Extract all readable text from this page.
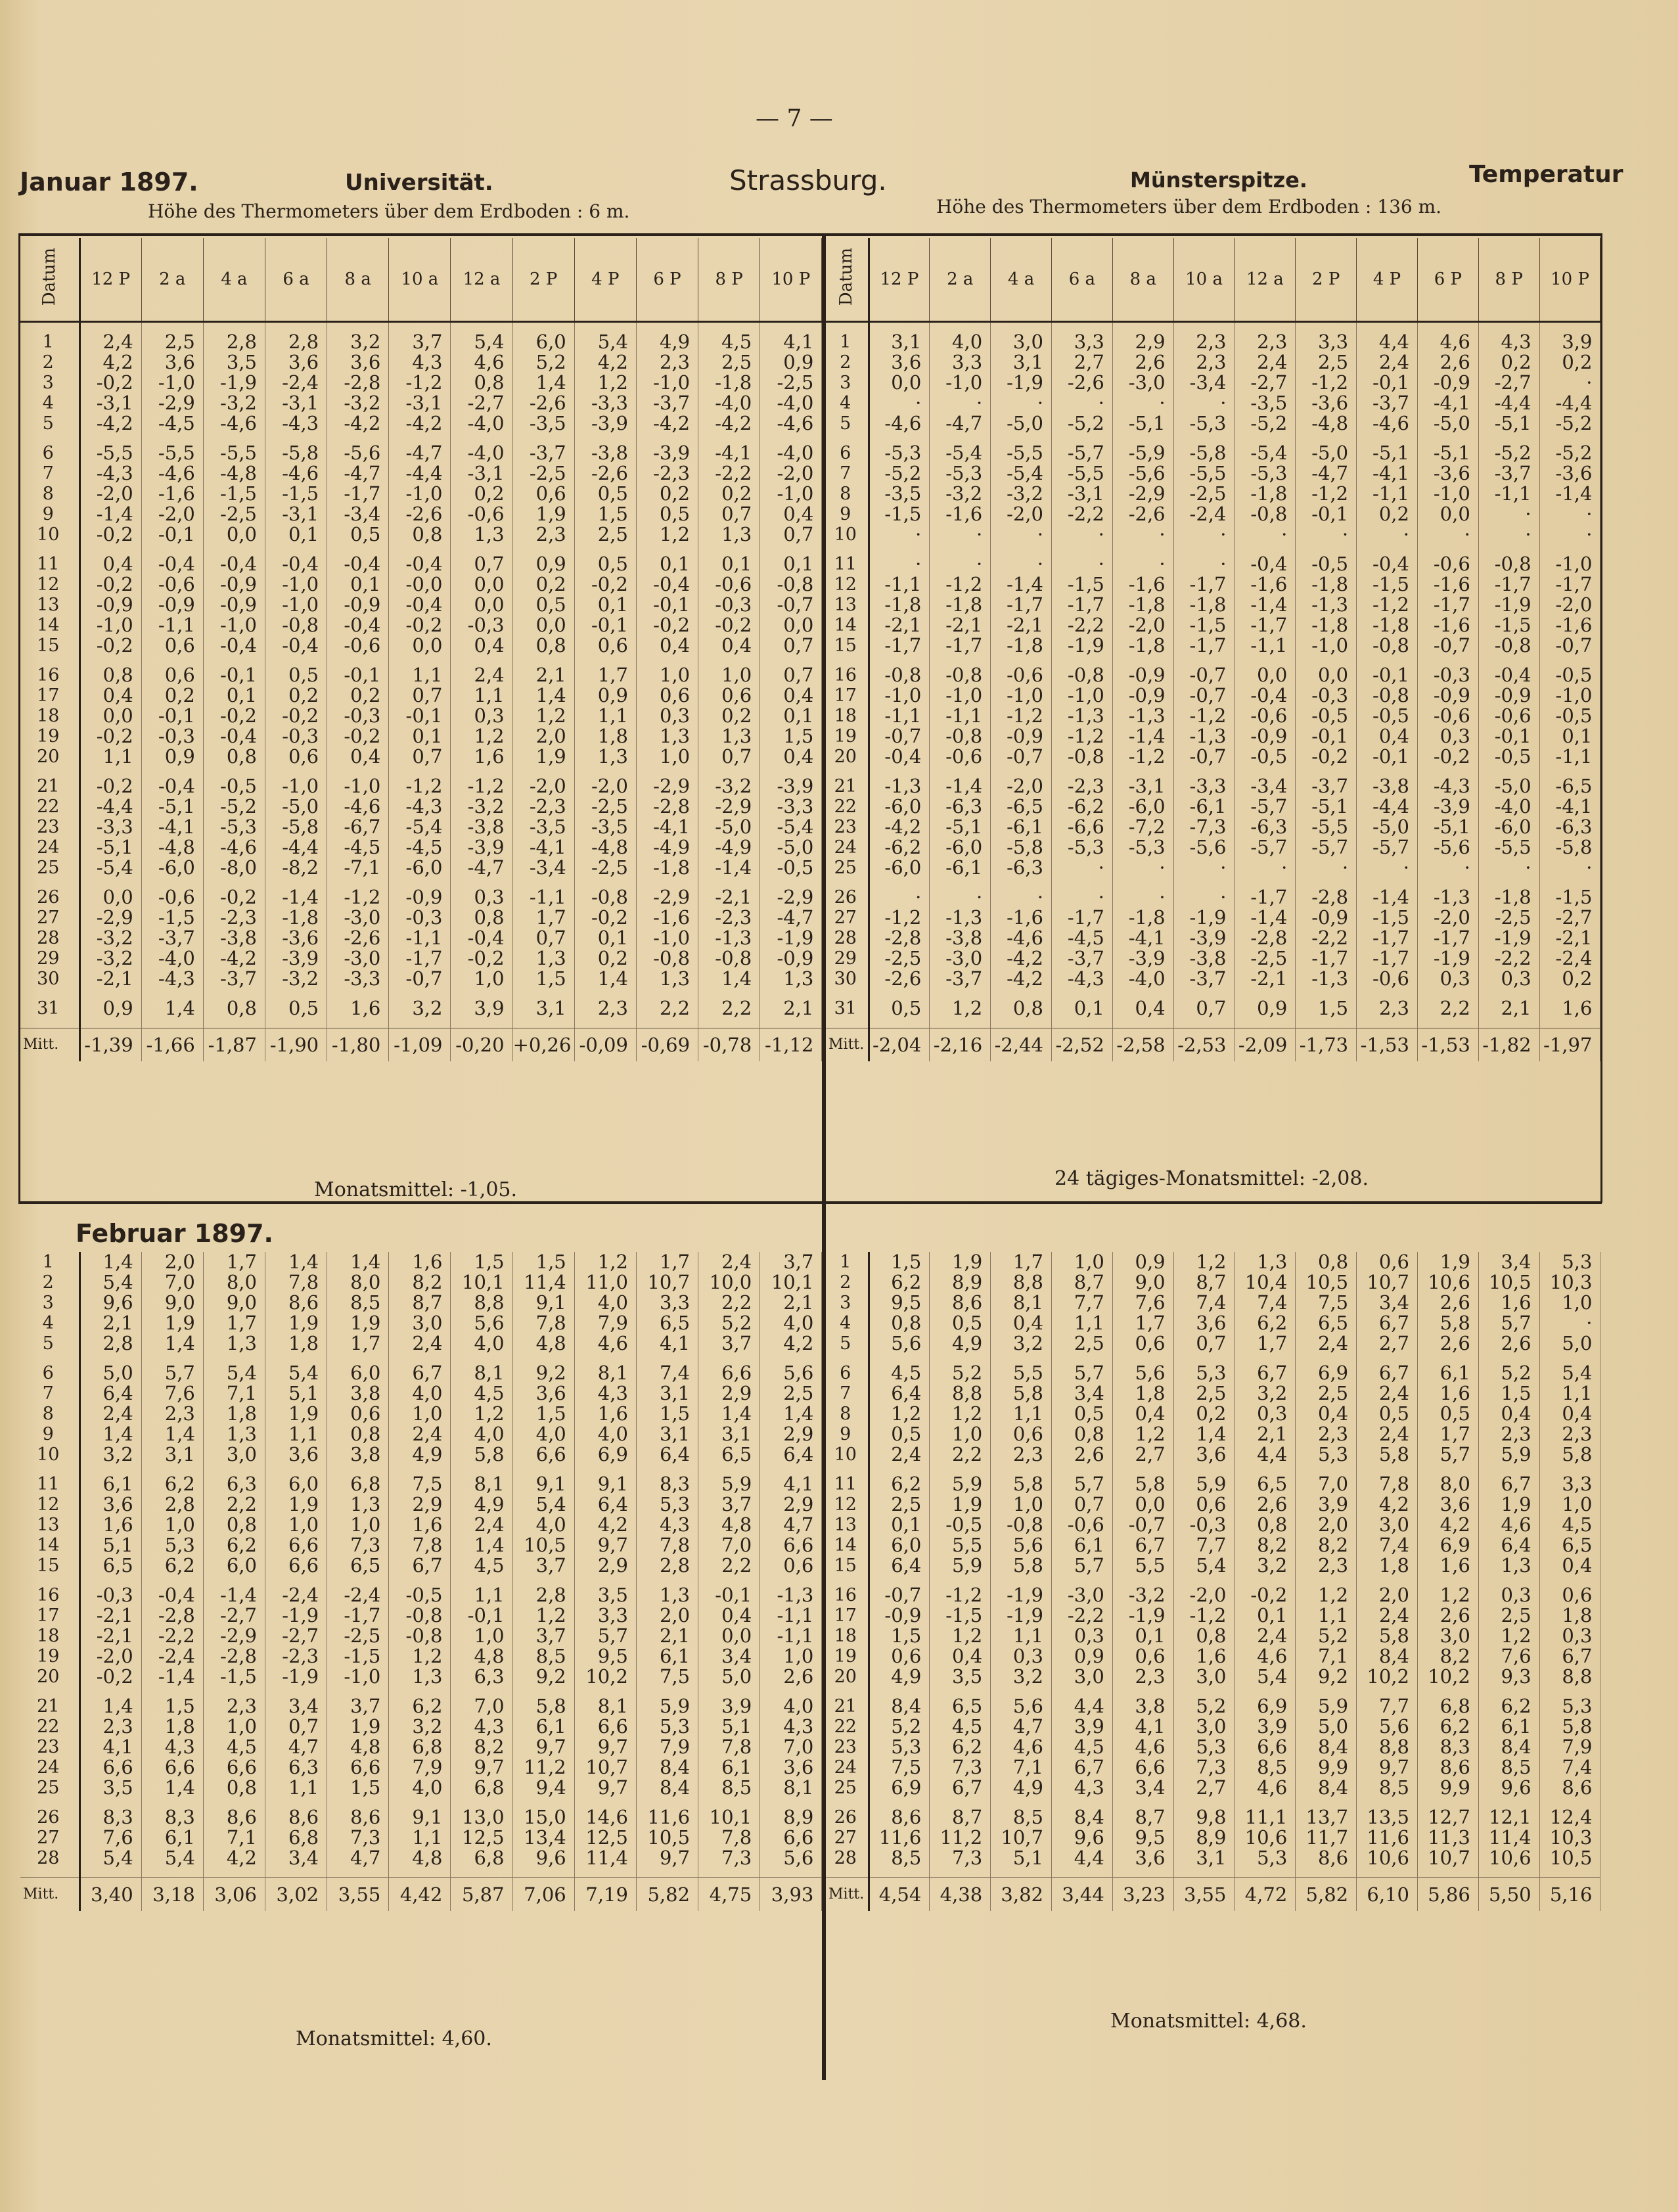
— 7 —
Januar 1897.	Universität.	Strassburg.	Münsterspitze.	Temperatur
Höhe des Thermometers über dem Erdboden : 6 m.	Höhe des Thermometers über dem Erdboden : 136 m.
Datum	12 P	2 a	4 a	6 a	8 a	10 a	12 a	2 P	4 P	6 P	8 P	10 P

1	2,4	2,5	2,8	2,8	3,2	3,7	5,4	6,0	5,4	4,9	4,5	4,1
2	4,2	3,6	3,5	3,6	3,6	4,3	4,6	5,2	4,2	2,3	2,5	0,9
3	-0,2	-1,0	-1,9	-2,4	-2,8	-1,2	0,8	1,4	1,2	-1,0	-1,8	-2,5
4	-3,1	-2,9	-3,2	-3,1	-3,2	-3,1	-2,7	-2,6	-3,3	-3,7	-4,0	-4,0
5	-4,2	-4,5	-4,6	-4,3	-4,2	-4,2	-4,0	-3,5	-3,9	-4,2	-4,2	-4,6

6	-5,5	-5,5	-5,5	-5,8	-5,6	-4,7	-4,0	-3,7	-3,8	-3,9	-4,1	-4,0
7	-4,3	-4,6	-4,8	-4,6	-4,7	-4,4	-3,1	-2,5	-2,6	-2,3	-2,2	-2,0
8	-2,0	-1,6	-1,5	-1,5	-1,7	-1,0	0,2	0,6	0,5	0,2	0,2	-1,0
9	-1,4	-2,0	-2,5	-3,1	-3,4	-2,6	-0,6	1,9	1,5	0,5	0,7	0,4
10	-0,2	-0,1	0,0	0,1	0,5	0,8	1,3	2,3	2,5	1,2	1,3	0,7

11	0,4	-0,4	-0,4	-0,4	-0,4	-0,4	0,7	0,9	0,5	0,1	0,1	0,1
12	-0,2	-0,6	-0,9	-1,0	0,1	-0,0	0,0	0,2	-0,2	-0,4	-0,6	-0,8
13	-0,9	-0,9	-0,9	-1,0	-0,9	-0,4	0,0	0,5	0,1	-0,1	-0,3	-0,7
14	-1,0	-1,1	-1,0	-0,8	-0,4	-0,2	-0,3	0,0	-0,1	-0,2	-0,2	0,0
15	-0,2	0,6	-0,4	-0,4	-0,6	0,0	0,4	0,8	0,6	0,4	0,4	0,7

16	0,8	0,6	-0,1	0,5	-0,1	1,1	2,4	2,1	1,7	1,0	1,0	0,7
17	0,4	0,2	0,1	0,2	0,2	0,7	1,1	1,4	0,9	0,6	0,6	0,4
18	0,0	-0,1	-0,2	-0,2	-0,3	-0,1	0,3	1,2	1,1	0,3	0,2	0,1
19	-0,2	-0,3	-0,4	-0,3	-0,2	0,1	1,2	2,0	1,8	1,3	1,3	1,5
20	1,1	0,9	0,8	0,6	0,4	0,7	1,6	1,9	1,3	1,0	0,7	0,4

21	-0,2	-0,4	-0,5	-1,0	-1,0	-1,2	-1,2	-2,0	-2,0	-2,9	-3,2	-3,9
22	-4,4	-5,1	-5,2	-5,0	-4,6	-4,3	-3,2	-2,3	-2,5	-2,8	-2,9	-3,3
23	-3,3	-4,1	-5,3	-5,8	-6,7	-5,4	-3,8	-3,5	-3,5	-4,1	-5,0	-5,4
24	-5,1	-4,8	-4,6	-4,4	-4,5	-4,5	-3,9	-4,1	-4,8	-4,9	-4,9	-5,0
25	-5,4	-6,0	-8,0	-8,2	-7,1	-6,0	-4,7	-3,4	-2,5	-1,8	-1,4	-0,5

26	0,0	-0,6	-0,2	-1,4	-1,2	-0,9	0,3	-1,1	-0,8	-2,9	-2,1	-2,9
27	-2,9	-1,5	-2,3	-1,8	-3,0	-0,3	0,8	1,7	-0,2	-1,6	-2,3	-4,7
28	-3,2	-3,7	-3,8	-3,6	-2,6	-1,1	-0,4	0,7	0,1	-1,0	-1,3	-1,9
29	-3,2	-4,0	-4,2	-3,9	-3,0	-1,7	-0,2	1,3	0,2	-0,8	-0,8	-0,9
30	-2,1	-4,3	-3,7	-3,2	-3,3	-0,7	1,0	1,5	1,4	1,3	1,4	1,3

31	0,9	1,4	0,8	0,5	1,6	3,2	3,9	3,1	2,3	2,2	2,2	2,1

Mitt.	-1,39	-1,66	-1,87	-1,90	-1,80	-1,09	-0,20	+0,26	-0,09	-0,69	-0,78	-1,12
Datum	12 P	2 a	4 a	6 a	8 a	10 a	12 a	2 P	4 P	6 P	8 P	10 P

1	3,1	4,0	3,0	3,3	2,9	2,3	2,3	3,3	4,4	4,6	4,3	3,9
2	3,6	3,3	3,1	2,7	2,6	2,3	2,4	2,5	2,4	2,6	0,2	0,2
3	0,0	-1,0	-1,9	-2,6	-3,0	-3,4	-2,7	-1,2	-0,1	-0,9	-2,7	·
4	·	·	·	·	·	·	-3,5	-3,6	-3,7	-4,1	-4,4	-4,4
5	-4,6	-4,7	-5,0	-5,2	-5,1	-5,3	-5,2	-4,8	-4,6	-5,0	-5,1	-5,2

6	-5,3	-5,4	-5,5	-5,7	-5,9	-5,8	-5,4	-5,0	-5,1	-5,1	-5,2	-5,2
7	-5,2	-5,3	-5,4	-5,5	-5,6	-5,5	-5,3	-4,7	-4,1	-3,6	-3,7	-3,6
8	-3,5	-3,2	-3,2	-3,1	-2,9	-2,5	-1,8	-1,2	-1,1	-1,0	-1,1	-1,4
9	-1,5	-1,6	-2,0	-2,2	-2,6	-2,4	-0,8	-0,1	0,2	0,0	·	·
10	·	·	·	·	·	·	·	·	·	·	·	·

11	·	·	·	·	·	·	-0,4	-0,5	-0,4	-0,6	-0,8	-1,0
12	-1,1	-1,2	-1,4	-1,5	-1,6	-1,7	-1,6	-1,8	-1,5	-1,6	-1,7	-1,7
13	-1,8	-1,8	-1,7	-1,7	-1,8	-1,8	-1,4	-1,3	-1,2	-1,7	-1,9	-2,0
14	-2,1	-2,1	-2,1	-2,2	-2,0	-1,5	-1,7	-1,8	-1,8	-1,6	-1,5	-1,6
15	-1,7	-1,7	-1,8	-1,9	-1,8	-1,7	-1,1	-1,0	-0,8	-0,7	-0,8	-0,7

16	-0,8	-0,8	-0,6	-0,8	-0,9	-0,7	0,0	0,0	-0,1	-0,3	-0,4	-0,5
17	-1,0	-1,0	-1,0	-1,0	-0,9	-0,7	-0,4	-0,3	-0,8	-0,9	-0,9	-1,0
18	-1,1	-1,1	-1,2	-1,3	-1,3	-1,2	-0,6	-0,5	-0,5	-0,6	-0,6	-0,5
19	-0,7	-0,8	-0,9	-1,2	-1,4	-1,3	-0,9	-0,1	0,4	0,3	-0,1	0,1
20	-0,4	-0,6	-0,7	-0,8	-1,2	-0,7	-0,5	-0,2	-0,1	-0,2	-0,5	-1,1

21	-1,3	-1,4	-2,0	-2,3	-3,1	-3,3	-3,4	-3,7	-3,8	-4,3	-5,0	-6,5
22	-6,0	-6,3	-6,5	-6,2	-6,0	-6,1	-5,7	-5,1	-4,4	-3,9	-4,0	-4,1
23	-4,2	-5,1	-6,1	-6,6	-7,2	-7,3	-6,3	-5,5	-5,0	-5,1	-6,0	-6,3
24	-6,2	-6,0	-5,8	-5,3	-5,3	-5,6	-5,7	-5,7	-5,7	-5,6	-5,5	-5,8
25	-6,0	-6,1	-6,3	·	·	·	·	·	·	·	·	·

26	·	·	·	·	·	·	-1,7	-2,8	-1,4	-1,3	-1,8	-1,5
27	-1,2	-1,3	-1,6	-1,7	-1,8	-1,9	-1,4	-0,9	-1,5	-2,0	-2,5	-2,7
28	-2,8	-3,8	-4,6	-4,5	-4,1	-3,9	-2,8	-2,2	-1,7	-1,7	-1,9	-2,1
29	-2,5	-3,0	-4,2	-3,7	-3,9	-3,8	-2,5	-1,7	-1,7	-1,9	-2,2	-2,4
30	-2,6	-3,7	-4,2	-4,3	-4,0	-3,7	-2,1	-1,3	-0,6	0,3	0,3	0,2

31	0,5	1,2	0,8	0,1	0,4	0,7	0,9	1,5	2,3	2,2	2,1	1,6

Mitt.	-2,04	-2,16	-2,44	-2,52	-2,58	-2,53	-2,09	-1,73	-1,53	-1,53	-1,82	-1,97
Monatsmittel: -1,05.	24 tägiges-Monatsmittel: -2,08.
Februar 1897.
1	1,4	2,0	1,7	1,4	1,4	1,6	1,5	1,5	1,2	1,7	2,4	3,7
2	5,4	7,0	8,0	7,8	8,0	8,2	10,1	11,4	11,0	10,7	10,0	10,1
3	9,6	9,0	9,0	8,6	8,5	8,7	8,8	9,1	4,0	3,3	2,2	2,1
4	2,1	1,9	1,7	1,9	1,9	3,0	5,6	7,8	7,9	6,5	5,2	4,0
5	2,8	1,4	1,3	1,8	1,7	2,4	4,0	4,8	4,6	4,1	3,7	4,2

6	5,0	5,7	5,4	5,4	6,0	6,7	8,1	9,2	8,1	7,4	6,6	5,6
7	6,4	7,6	7,1	5,1	3,8	4,0	4,5	3,6	4,3	3,1	2,9	2,5
8	2,4	2,3	1,8	1,9	0,6	1,0	1,2	1,5	1,6	1,5	1,4	1,4
9	1,4	1,4	1,3	1,1	0,8	2,4	4,0	4,0	4,0	3,1	3,1	2,9
10	3,2	3,1	3,0	3,6	3,8	4,9	5,8	6,6	6,9	6,4	6,5	6,4

11	6,1	6,2	6,3	6,0	6,8	7,5	8,1	9,1	9,1	8,3	5,9	4,1
12	3,6	2,8	2,2	1,9	1,3	2,9	4,9	5,4	6,4	5,3	3,7	2,9
13	1,6	1,0	0,8	1,0	1,0	1,6	2,4	4,0	4,2	4,3	4,8	4,7
14	5,1	5,3	6,2	6,6	7,3	7,8	1,4	10,5	9,7	7,8	7,0	6,6
15	6,5	6,2	6,0	6,6	6,5	6,7	4,5	3,7	2,9	2,8	2,2	0,6

16	-0,3	-0,4	-1,4	-2,4	-2,4	-0,5	1,1	2,8	3,5	1,3	-0,1	-1,3
17	-2,1	-2,8	-2,7	-1,9	-1,7	-0,8	-0,1	1,2	3,3	2,0	0,4	-1,1
18	-2,1	-2,2	-2,9	-2,7	-2,5	-0,8	1,0	3,7	5,7	2,1	0,0	-1,1
19	-2,0	-2,4	-2,8	-2,3	-1,5	1,2	4,8	8,5	9,5	6,1	3,4	1,0
20	-0,2	-1,4	-1,5	-1,9	-1,0	1,3	6,3	9,2	10,2	7,5	5,0	2,6

21	1,4	1,5	2,3	3,4	3,7	6,2	7,0	5,8	8,1	5,9	3,9	4,0
22	2,3	1,8	1,0	0,7	1,9	3,2	4,3	6,1	6,6	5,3	5,1	4,3
23	4,1	4,3	4,5	4,7	4,8	6,8	8,2	9,7	9,7	7,9	7,8	7,0
24	6,6	6,6	6,6	6,3	6,6	7,9	9,7	11,2	10,7	8,4	6,1	3,6
25	3,5	1,4	0,8	1,1	1,5	4,0	6,8	9,4	9,7	8,4	8,5	8,1

26	8,3	8,3	8,6	8,6	8,6	9,1	13,0	15,0	14,6	11,6	10,1	8,9
27	7,6	6,1	7,1	6,8	7,3	1,1	12,5	13,4	12,5	10,5	7,8	6,6
28	5,4	5,4	4,2	3,4	4,7	4,8	6,8	9,6	11,4	9,7	7,3	5,6

Mitt.	3,40	3,18	3,06	3,02	3,55	4,42	5,87	7,06	7,19	5,82	4,75	3,93
1	1,5	1,9	1,7	1,0	0,9	1,2	1,3	0,8	0,6	1,9	3,4	5,3
2	6,2	8,9	8,8	8,7	9,0	8,7	10,4	10,5	10,7	10,6	10,5	10,3
3	9,5	8,6	8,1	7,7	7,6	7,4	7,4	7,5	3,4	2,6	1,6	1,0
4	0,8	0,5	0,4	1,1	1,7	3,6	6,2	6,5	6,7	5,8	5,7	·
5	5,6	4,9	3,2	2,5	0,6	0,7	1,7	2,4	2,7	2,6	2,6	5,0

6	4,5	5,2	5,5	5,7	5,6	5,3	6,7	6,9	6,7	6,1	5,2	5,4
7	6,4	8,8	5,8	3,4	1,8	2,5	3,2	2,5	2,4	1,6	1,5	1,1
8	1,2	1,2	1,1	0,5	0,4	0,2	0,3	0,4	0,5	0,5	0,4	0,4
9	0,5	1,0	0,6	0,8	1,2	1,4	2,1	2,3	2,4	1,7	2,3	2,3
10	2,4	2,2	2,3	2,6	2,7	3,6	4,4	5,3	5,8	5,7	5,9	5,8

11	6,2	5,9	5,8	5,7	5,8	5,9	6,5	7,0	7,8	8,0	6,7	3,3
12	2,5	1,9	1,0	0,7	0,0	0,6	2,6	3,9	4,2	3,6	1,9	1,0
13	0,1	-0,5	-0,8	-0,6	-0,7	-0,3	0,8	2,0	3,0	4,2	4,6	4,5
14	6,0	5,5	5,6	6,1	6,7	7,7	8,2	8,2	7,4	6,9	6,4	6,5
15	6,4	5,9	5,8	5,7	5,5	5,4	3,2	2,3	1,8	1,6	1,3	0,4

16	-0,7	-1,2	-1,9	-3,0	-3,2	-2,0	-0,2	1,2	2,0	1,2	0,3	0,6
17	-0,9	-1,5	-1,9	-2,2	-1,9	-1,2	0,1	1,1	2,4	2,6	2,5	1,8
18	1,5	1,2	1,1	0,3	0,1	0,8	2,4	5,2	5,8	3,0	1,2	0,3
19	0,6	0,4	0,3	0,9	0,6	1,6	4,6	7,1	8,4	8,2	7,6	6,7
20	4,9	3,5	3,2	3,0	2,3	3,0	5,4	9,2	10,2	10,2	9,3	8,8

21	8,4	6,5	5,6	4,4	3,8	5,2	6,9	5,9	7,7	6,8	6,2	5,3
22	5,2	4,5	4,7	3,9	4,1	3,0	3,9	5,0	5,6	6,2	6,1	5,8
23	5,3	6,2	4,6	4,5	4,6	5,3	6,6	8,4	8,8	8,3	8,4	7,9
24	7,5	7,3	7,1	6,7	6,6	7,3	8,5	9,9	9,7	8,6	8,5	7,4
25	6,9	6,7	4,9	4,3	3,4	2,7	4,6	8,4	8,5	9,9	9,6	8,6

26	8,6	8,7	8,5	8,4	8,7	9,8	11,1	13,7	13,5	12,7	12,1	12,4
27	11,6	11,2	10,7	9,6	9,5	8,9	10,6	11,7	11,6	11,3	11,4	10,3
28	8,5	7,3	5,1	4,4	3,6	3,1	5,3	8,6	10,6	10,7	10,6	10,5

Mitt.	4,54	4,38	3,82	3,44	3,23	3,55	4,72	5,82	6,10	5,86	5,50	5,16
Monatsmittel: 4,60.
Monatsmittel: 4,68.
